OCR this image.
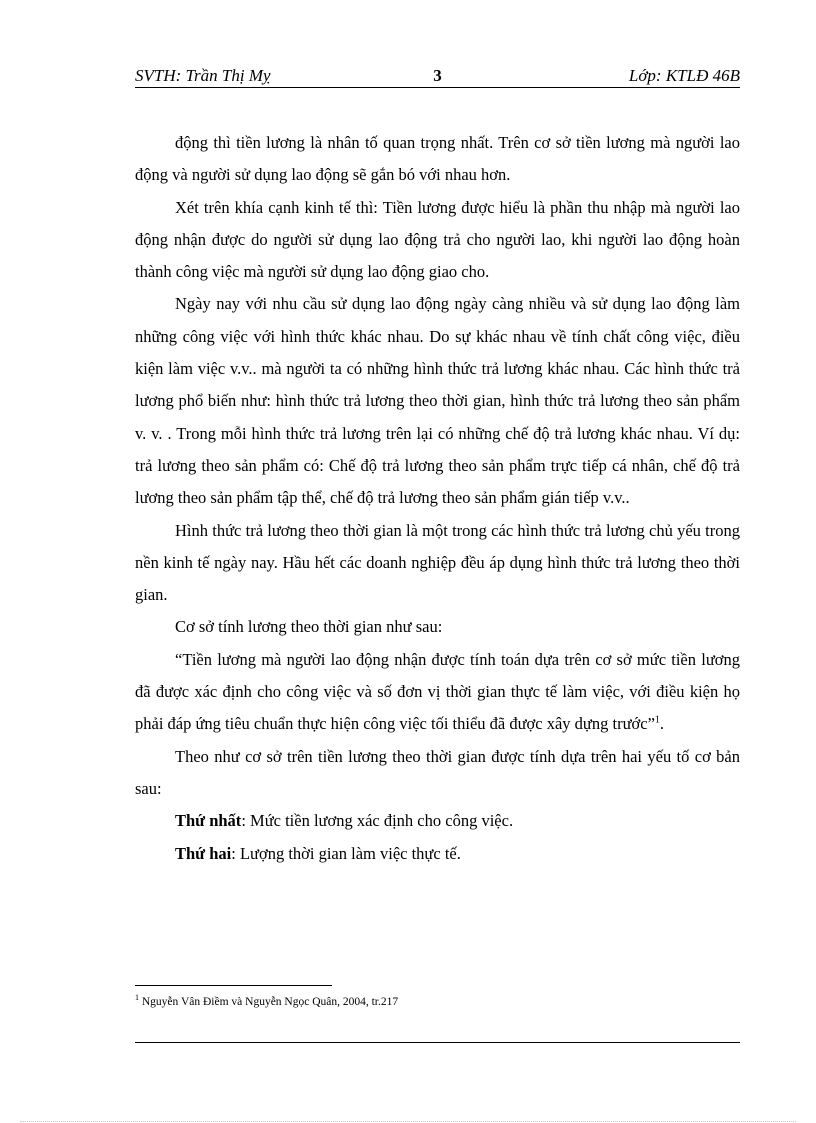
SVTH: Trần Thị Mỵ	3	Lớp: KTLĐ 46B

động thì tiền lương là nhân tố quan trọng nhất. Trên cơ sở tiền lương mà người lao động và người sử dụng lao động sẽ gắn bó với nhau hơn.

Xét trên khía cạnh kinh tế thì: Tiền lương được hiểu là phần thu nhập mà người lao động nhận được do người sử dụng lao động trả cho người lao, khi người lao động hoàn thành công việc mà người sử dụng lao động giao cho.

Ngày nay với nhu cầu sử dụng lao động ngày càng nhiều và sử dụng lao động làm những công việc với hình thức khác nhau. Do sự khác nhau về tính chất công việc, điều kiện làm việc v.v.. mà người ta có những hình thức trả lương khác nhau. Các hình thức trả lương phổ biến như: hình thức trả lương theo thời gian, hình thức trả lương theo sản phẩm v. v. . Trong mỗi hình thức trả lương trên lại có những chế độ trả lương khác nhau. Ví dụ: trả lương theo sản phẩm có: Chế độ trả lương theo sản phẩm trực tiếp cá nhân, chế độ trả lương theo sản phẩm tập thể, chế độ trả lương theo sản phẩm gián tiếp v.v..

Hình thức trả lương theo thời gian là một trong các hình thức trả lương chủ yếu trong nền kinh tế ngày nay. Hầu hết các doanh nghiệp đều áp dụng hình thức trả lương theo thời gian.

Cơ sở tính lương theo thời gian như sau:

“Tiền lương mà người lao động nhận được tính toán dựa trên cơ sở mức tiền lương đã được xác định cho công việc và số đơn vị thời gian thực tế làm việc, với điều kiện họ phải đáp ứng tiêu chuẩn thực hiện công việc tối thiểu đã được xây dựng trước”$^1$.

Theo như cơ sở trên tiền lương theo thời gian được tính dựa trên hai yếu tố cơ bản sau:

Thứ nhất: Mức tiền lương xác định cho công việc.

Thứ hai: Lượng thời gian làm việc thực tế.

$^1$ Nguyễn Vân Điềm và Nguyễn Ngọc Quân, 2004, tr.217
